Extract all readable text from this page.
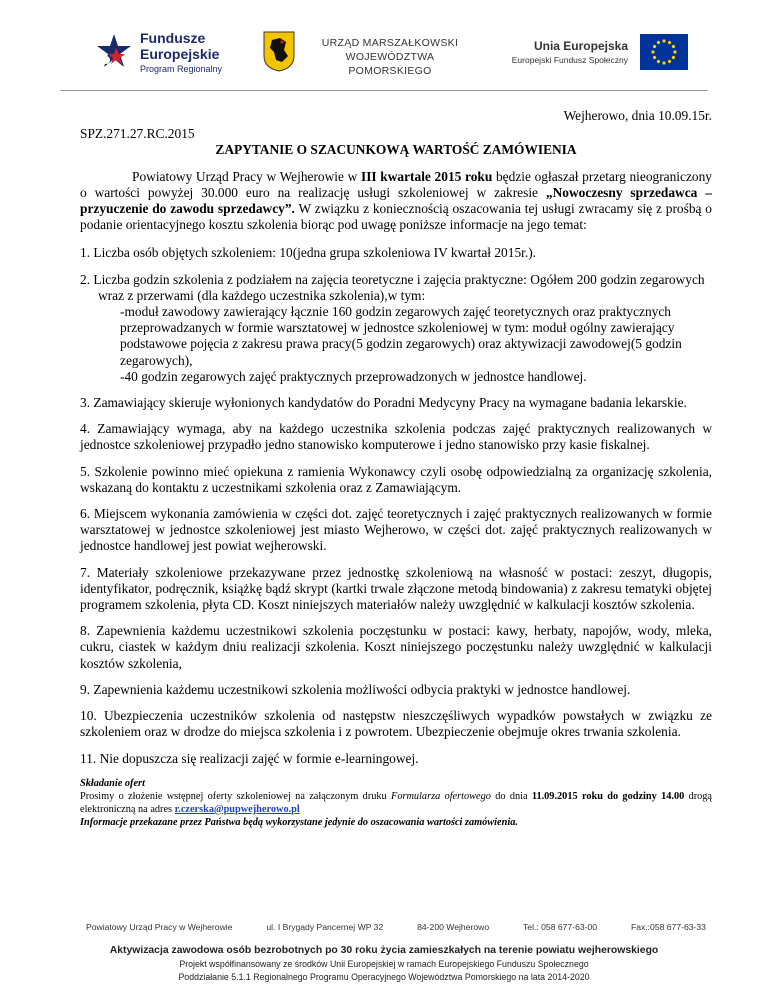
Fundusze
Europejskie
Program Regionalny
URZĄD MARSZAŁKOWSKI
WOJEWÓDZTWA POMORSKIEGO
Unia Europejska
Europejski Fundusz Społeczny
Wejherowo, dnia 10.09.15r.
SPZ.271.27.RC.2015
ZAPYTANIE O SZACUNKOWĄ WARTOŚĆ ZAMÓWIENIA
Powiatowy Urząd Pracy w Wejherowie w III kwartale 2015 roku będzie ogłaszał przetarg nieograniczony o wartości powyżej 30.000 euro na realizację usługi szkoleniowej w zakresie „Nowoczesny sprzedawca – przyuczenie do zawodu sprzedawcy”. W związku z koniecznością oszacowania tej usługi zwracamy się z prośbą o podanie orientacyjnego kosztu szkolenia biorąc pod uwagę poniższe informacje na jego temat:
1. Liczba osób objętych szkoleniem: 10(jedna grupa szkoleniowa IV kwartał 2015r.).
2. Liczba godzin szkolenia z podziałem na zajęcia teoretyczne i zajęcia praktyczne: Ogółem 200 godzin zegarowych wraz z przerwami (dla każdego uczestnika szkolenia),w tym:
-moduł zawodowy zawierający łącznie 160 godzin zegarowych zajęć teoretycznych oraz praktycznych przeprowadzanych w formie warsztatowej w jednostce szkoleniowej w tym: moduł ogólny zawierający podstawowe pojęcia z zakresu prawa pracy(5 godzin zegarowych) oraz aktywizacji zawodowej(5 godzin zegarowych),
-40 godzin zegarowych zajęć praktycznych przeprowadzonych w jednostce handlowej.
3. Zamawiający skieruje wyłonionych kandydatów do Poradni Medycyny Pracy na wymagane badania lekarskie.
4. Zamawiający wymaga, aby na każdego uczestnika szkolenia podczas zajęć praktycznych realizowanych w jednostce szkoleniowej przypadło jedno stanowisko komputerowe i jedno stanowisko przy kasie fiskalnej.
5. Szkolenie powinno mieć opiekuna z ramienia Wykonawcy czyli osobę odpowiedzialną za organizację szkolenia, wskazaną do kontaktu z uczestnikami szkolenia oraz z Zamawiającym.
6. Miejscem wykonania zamówienia w części dot. zajęć teoretycznych i zajęć praktycznych realizowanych w formie warsztatowej w jednostce szkoleniowej jest miasto Wejherowo, w części dot. zajęć praktycznych realizowanych w jednostce handlowej jest powiat wejherowski.
7. Materiały szkoleniowe przekazywane przez jednostkę szkoleniową na własność w postaci: zeszyt, długopis, identyfikator, podręcznik, książkę bądź skrypt (kartki trwale złączone metodą bindowania) z zakresu tematyki objętej programem szkolenia, płyta CD. Koszt niniejszych materiałów należy uwzględnić w kalkulacji kosztów szkolenia.
8. Zapewnienia każdemu uczestnikowi szkolenia poczęstunku w postaci: kawy, herbaty, napojów, wody, mleka, cukru, ciastek w każdym dniu realizacji szkolenia. Koszt niniejszego poczęstunku należy uwzględnić w kalkulacji kosztów szkolenia,
9. Zapewnienia każdemu uczestnikowi szkolenia możliwości odbycia praktyki w jednostce handlowej.
10. Ubezpieczenia uczestników szkolenia od następstw nieszczęśliwych wypadków powstałych w związku ze szkoleniem oraz w drodze do miejsca szkolenia i z powrotem. Ubezpieczenie obejmuje okres trwania szkolenia.
11. Nie dopuszcza się realizacji zajęć w formie e-learningowej.
Składanie ofert
Prosimy o złożenie wstępnej oferty szkoleniowej na załączonym druku Formularza ofertowego do dnia 11.09.2015 roku do godziny 14.00 drogą elektroniczną na adres r.czerska@pupwejherowo.pl
Informacje przekazane przez Państwa będą wykorzystane jedynie do oszacowania wartości zamówienia.
Powiatowy Urząd Pracy w Wejherowie	ul. I Brygady Pancernej WP 32	84-200 Wejherowo	Tel.: 058 677-63-00	Fax.:058 677-63-33
Aktywizacja zawodowa osób bezrobotnych po 30 roku życia zamieszkałych na terenie powiatu wejherowskiego
Projekt współfinansowany ze środków Unii Europejskiej w ramach Europejskiego Funduszu Społecznego
Poddziałanie 5.1.1 Regionalnego Programu Operacyjnego Województwa Pomorskiego na lata 2014-2020
